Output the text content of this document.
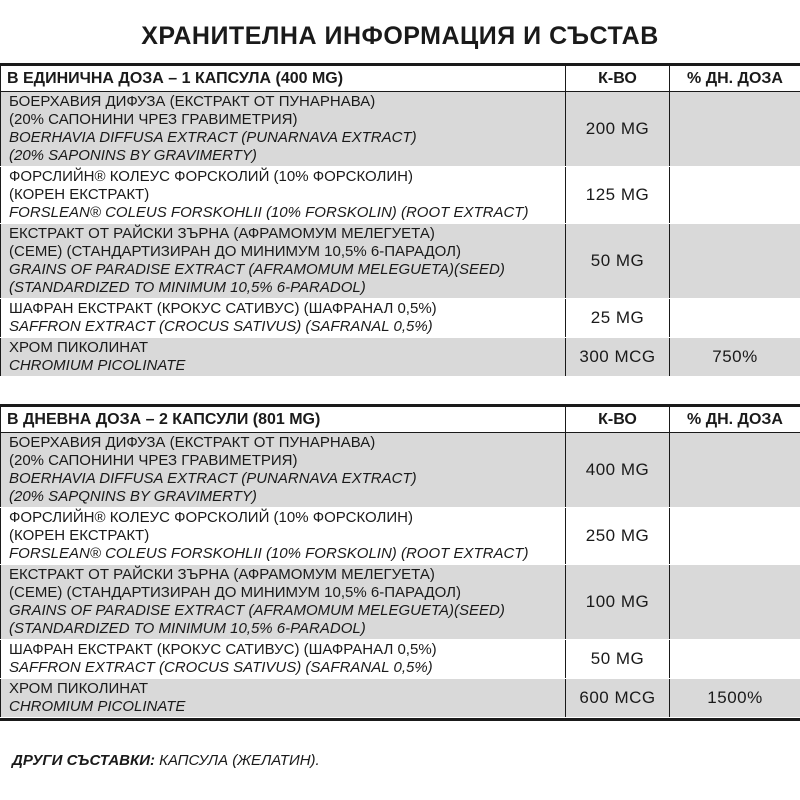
ХРАНИТЕЛНА ИНФОРМАЦИЯ И СЪСТАВ
В ЕДИНИЧНА ДОЗА – 1 КАПСУЛА (400 MG)	К-ВО	% ДН. ДОЗА

БОЕРХАВИЯ ДИФУЗА (ЕКСТРАКТ ОТ ПУНАРНАВА)
(20% САПОНИНИ ЧРЕЗ ГРАВИМЕТРИЯ)
BOERHAVIA DIFFUSA EXTRACT (PUNARNAVA EXTRACT)
(20% SAPONINS BY GRAVIMERTY)	200 MG	

ФОРСЛИЙН® КОЛЕУС ФОРСКОЛИЙ (10% ФОРСКОЛИН)
(КОРЕН ЕКСТРАКТ)
FORSLEAN® COLEUS FORSKOHLII (10% FORSKOLIN) (ROOT EXTRACT)	125 MG	

ЕКСТРАКТ ОТ РАЙСКИ ЗЪРНА (АФРАМОМУМ МЕЛЕГУЕТА)
(СЕМЕ) (СТАНДАРТИЗИРАН ДО МИНИМУМ 10,5% 6-ПАРАДОЛ)
GRAINS OF PARADISE EXTRACT (AFRAMOMUM MELEGUETA)(SEED)
(STANDARDIZED TO MINIMUM 10,5% 6-PARADOL)	50 MG	

ШАФРАН ЕКСТРАКТ (КРОКУС САТИВУС) (ШАФРАНАЛ 0,5%)
SAFFRON EXTRACT (CROCUS SATIVUS) (SAFRANAL 0,5%)	25 MG	

ХРОМ ПИКОЛИНАТ
CHROMIUM PICOLINATE	300 MCG	750%
В ДНЕВНА ДОЗА – 2 КАПСУЛИ (801 MG)	К-ВО	% ДН. ДОЗА

БОЕРХАВИЯ ДИФУЗА (ЕКСТРАКТ ОТ ПУНАРНАВА)
(20% САПОНИНИ ЧРЕЗ ГРАВИМЕТРИЯ)
BOERHAVIA DIFFUSA EXTRACT (PUNARNAVA EXTRACT)
(20% SAPQNINS BY GRAVIMERTY)	400 MG	

ФОРСЛИЙН® КОЛЕУС ФОРСКОЛИЙ (10% ФОРСКОЛИН)
(КОРЕН ЕКСТРАКТ)
FORSLEAN® COLEUS FORSKOHLII (10% FORSKOLIN) (ROOT EXTRACT)	250 MG	

ЕКСТРАКТ ОТ РАЙСКИ ЗЪРНА (АФРАМОМУМ МЕЛЕГУЕТА)
(СЕМЕ) (СТАНДАРТИЗИРАН ДО МИНИМУМ 10,5% 6-ПАРАДОЛ)
GRAINS OF PARADISE EXTRACT (AFRAMOMUM MELEGUETA)(SEED)
(STANDARDIZED TO MINIMUM 10,5% 6-PARADOL)	100 MG	

ШАФРАН ЕКСТРАКТ (КРОКУС САТИВУС) (ШАФРАНАЛ 0,5%)
SAFFRON EXTRACT (CROCUS SATIVUS) (SAFRANAL 0,5%)	50 MG	

ХРОМ ПИКОЛИНАТ
CHROMIUM PICOLINATE	600 MCG	1500%
ДРУГИ СЪСТАВКИ: КАПСУЛА (ЖЕЛАТИН).
